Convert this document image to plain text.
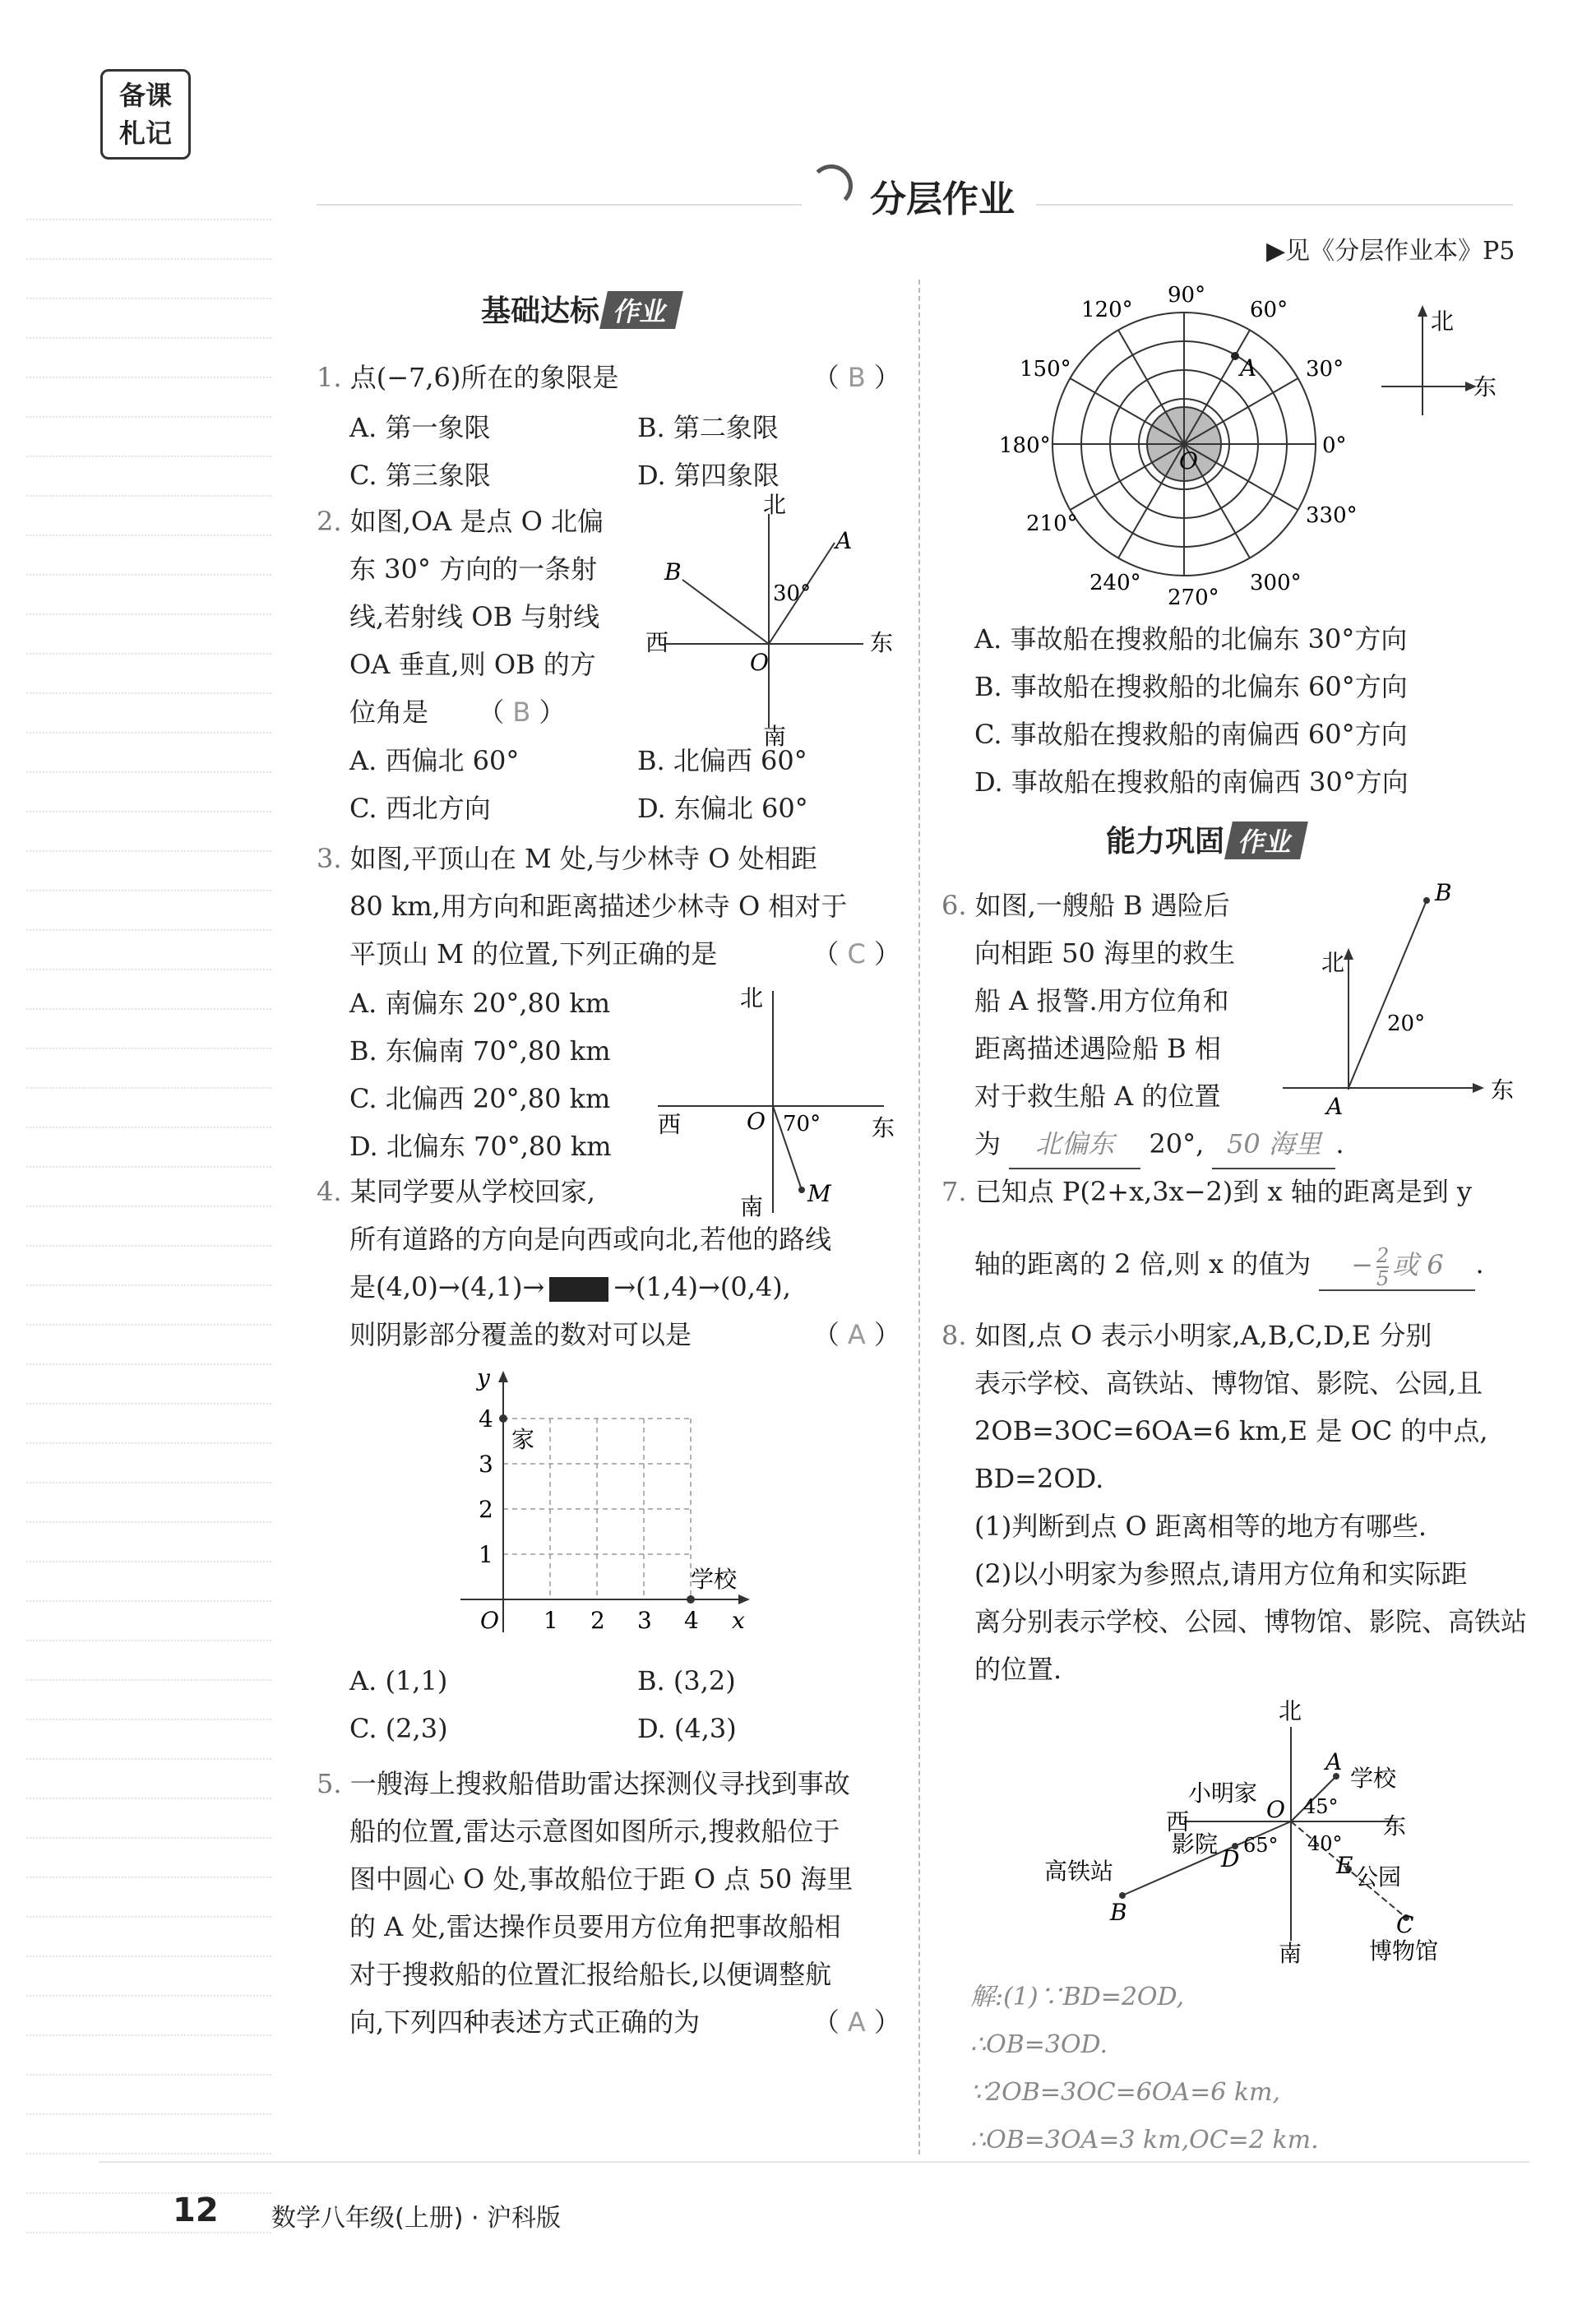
备课
札记
分层作业
▶见《分层作业本》P5
基础达标 作业
1. 点(−7,6)所在的象限是	（ B ）
A. 第一象限	B. 第二象限
C. 第三象限	D. 第四象限
2. 如图,OA 是点 O 北偏
东 30° 方向的一条射
线,若射线 OB 与射线
OA 垂直,则 OB 的方
位角是 （ B ）
北
南
东
西
O
A
B
30°
A. 西偏北 60°	B. 北偏西 60°
C. 西北方向	D. 东偏北 60°
3. 如图,平顶山在 M 处,与少林寺 O 处相距
80 km,用方向和距离描述少林寺 O 相对于
平顶山 M 的位置,下列正确的是	（ C ）
A. 南偏东 20°,80 km
B. 东偏南 70°,80 km
C. 北偏西 20°,80 km
D. 北偏东 70°,80 km
北
南
东
西	O
M
70°
4. 某同学要从学校回家,
所有道路的方向是向西或向北,若他的路线
是(4,0)→(4,1)→	→(1,4)→(0,4),
则阴影部分覆盖的数对可以是	（ A ）
y
x
O
家
学校
1 2 3 4
1
2
3
4
A. (1,1)	B. (3,2)
C. (2,3)	D. (4,3)
5. 一艘海上搜救船借助雷达探测仪寻找到事故
船的位置,雷达示意图如图所示,搜救船位于
图中圆心 O 处,事故船位于距 O 点 50 海里
的 A 处,雷达操作员要用方位角把事故船相
对于搜救船的位置汇报给船长,以便调整航
向,下列四种表述方式正确的为	（ A ）
O
A
0°
30°
60°
90°
120°
150°
180°
210°
240°
270°
300°
330°
北
东
A. 事故船在搜救船的北偏东 30°方向
B. 事故船在搜救船的北偏东 60°方向
C. 事故船在搜救船的南偏西 60°方向
D. 事故船在搜救船的南偏西 30°方向
能力巩固 作业
6. 如图,一艘船 B 遇险后
向相距 50 海里的救生
船 A 报警.用方位角和
距离描述遇险船 B 相
对于救生船 A 的位置
为 北偏东 20°, 50 海里 .
北
东
A
B
20°
7. 已知点 P(2+x,3x−2)到 x 轴的距离是到 y
轴的距离的 2 倍,则 x 的值为 − $\frac{2}{5}$ 或 6 .
8. 如图,点 O 表示小明家,A,B,C,D,E 分别
表示学校、高铁站、博物馆、影院、公园,且
2OB=3OC=6OA=6 km,E 是 OC 的中点,
BD=2OD.
(1)判断到点 O 距离相等的地方有哪些.
(2)以小明家为参照点,请用方位角和实际距
离分别表示学校、公园、博物馆、影院、高铁站
的位置.
北
南
东
西
小明家
O
A
学校
45°
40°
E 公园
C
博物馆
影院
D 65°
高铁站
B
解:(1)∵BD=2OD,
∴OB=3OD.
∵2OB=3OC=6OA=6 km,
∴OB=3OA=3 km,OC=2 km.
12 数学八年级(上册) · 沪科版
